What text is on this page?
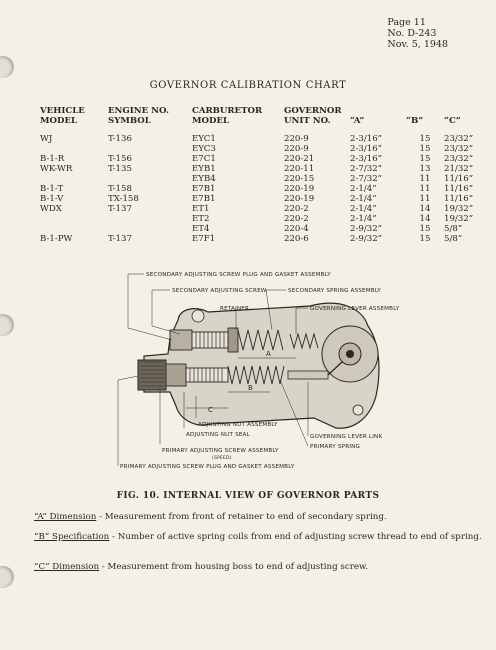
Page 11
No. D-243
Nov. 5, 1948
GOVERNOR CALIBRATION CHART
VEHICLE	ENGINE NO.	CARBURETOR	GOVERNOR			
MODEL	SYMBOL	MODEL	UNIT NO.	“A”	“B”	“C”

WJ	T-136	EYC1	220-9	2-3/16”	15	23/32”
		EYC3	220-9	2-3/16”	15	23/32”
B-1-R	T-156	E7C1	220-21	2-3/16”	15	23/32”
WK-WR	T-135	EYB1	220-11	2-7/32”	13	21/32”
		EYB4	220-15	2-7/32”	11	11/16”
B-1-T	T-158	E7B1	220-19	2-1/4”	11	11/16”
B-1-V	TX-158	E7B1	220-19	2-1/4”	11	11/16”
WDX	T-137	ET1	220-2	2-1/4”	14	19/32”
		ET2	220-2	2-1/4”	14	19/32”
		ET4	220-4	2-9/32”	15	5/8”
B-1-PW	T-137	E7F1	220-6	2-9/32”	15	5/8”
A
B
C
SECONDARY ADJUSTING SCREW PLUG AND GASKET ASSEMBLY
SECONDARY ADJUSTING SCREW
RETAINER
SECONDARY SPRING ASSEMBLY
GOVERNING LEVER ASSEMBLY
ADJUSTING NUT ASSEMBLY
ADJUSTING NUT SEAL
PRIMARY ADJUSTING SCREW ASSEMBLY
(SPEED)
PRIMARY ADJUSTING SCREW PLUG AND GASKET ASSEMBLY
GOVERNING LEVER LINK
PRIMARY SPRING
FIG. 10. INTERNAL VIEW OF GOVERNOR PARTS
“A” Dimension - Measurement from front of retainer to end of secondary spring.
“B” Specification - Number of active spring coils from end of adjusting screw thread to end of spring.
“C” Dimension - Measurement from housing boss to end of adjusting screw.
